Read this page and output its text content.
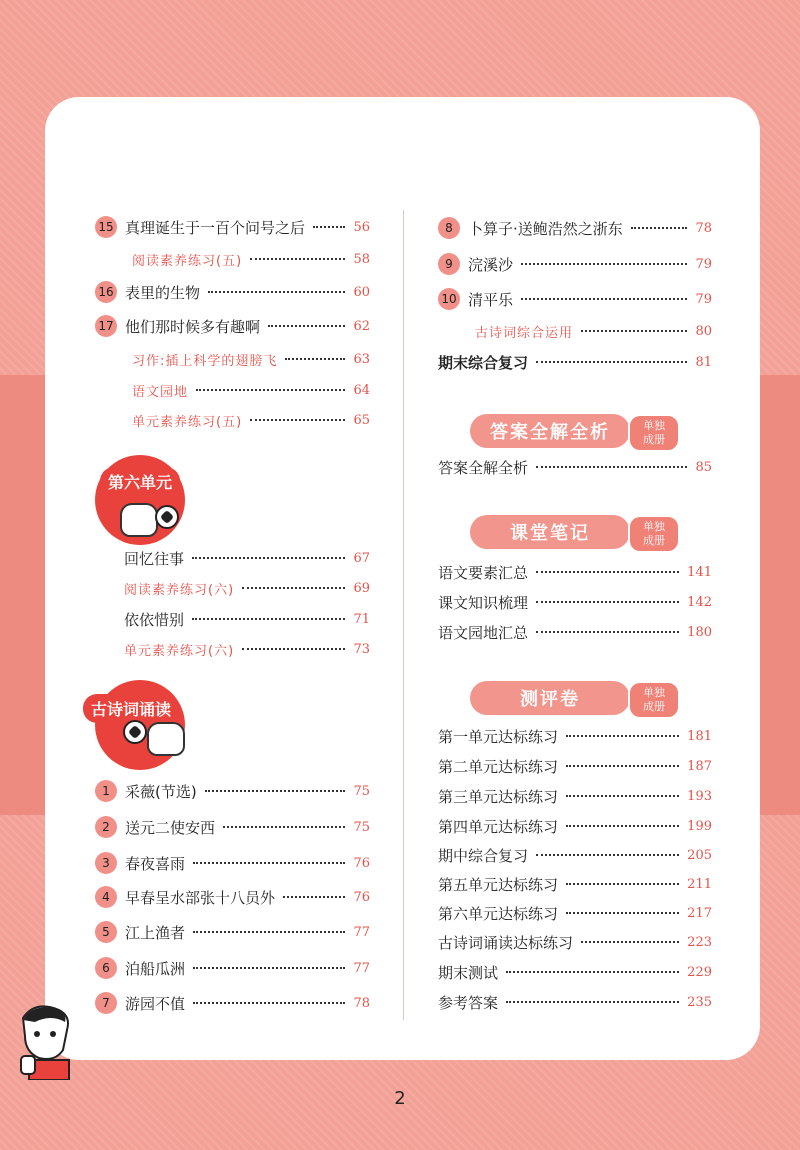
15 真理诞生于一百个问号之后	56
阅读素养练习(五)	58
16 表里的生物	60
17 他们那时候多有趣啊	62
习作:插上科学的翅膀飞	63
语文园地	64
单元素养练习(五)	65
第六单元
回忆往事	67
阅读素养练习(六)	69
依依惜别	71
单元素养练习(六)	73
古诗词诵读
1	采薇(节选)	75
2	送元二使安西	75
3	春夜喜雨	76
4	早春呈水部张十八员外	76
5	江上渔者	77
6	泊船瓜洲	77
7	游园不值	78
8	卜算子·送鲍浩然之浙东	78
9	浣溪沙	79
10 清平乐	79
古诗词综合运用	80
期末综合复习	81
答案全解全析	单独
成册
答案全解全析	85
课堂笔记	单独
成册
语文要素汇总	141
课文知识梳理	142
语文园地汇总	180
测评卷	单独
成册
第一单元达标练习	181
第二单元达标练习	187
第三单元达标练习	193
第四单元达标练习	199
期中综合复习	205
第五单元达标练习	211
第六单元达标练习	217
古诗词诵读达标练习	223
期末测试	229
参考答案	235
2
